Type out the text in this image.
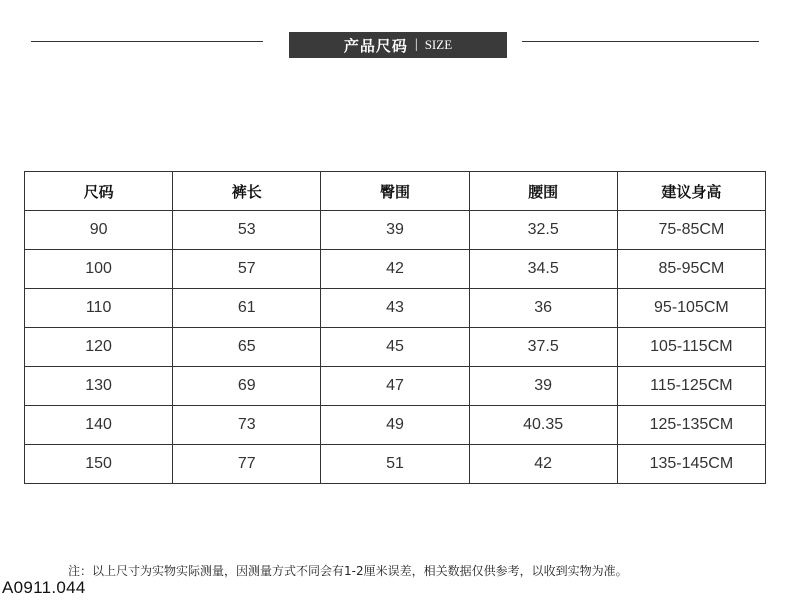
产品尺码 | SIZE
尺码	裤长	臀围	腰围	建议身高
90	53	39	32.5	75-85CM
100	57	42	34.5	85-95CM
110	61	43	36	95-105CM
120	65	45	37.5	105-115CM
130	69	47	39	115-125CM
140	73	49	40.35	125-135CM
150	77	51	42	135-145CM
注：以上尺寸为实物实际测量，因测量方式不同会有1-2厘米误差，相关数据仅供参考，以收到实物为准。
A0911.044
